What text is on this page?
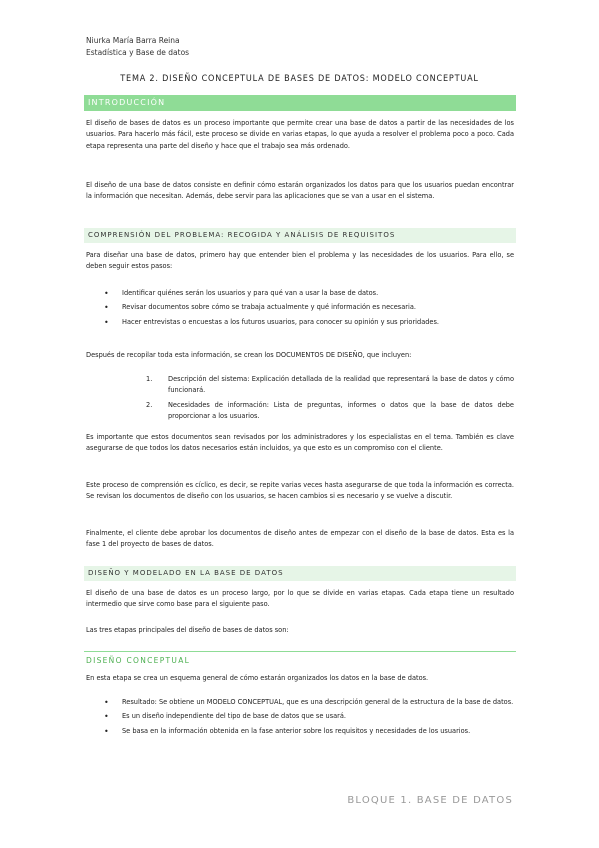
Niurka María Barra Reina
Estadística y Base de datos
TEMA 2. DISEÑO CONCEPTULA DE BASES DE DATOS: MODELO CONCEPTUAL
INTRODUCCIÓN

El diseño de bases de datos es un proceso importante que permite crear una base de datos a partir de las necesidades de los usuarios. Para hacerlo más fácil, este proceso se divide en varias etapas, lo que ayuda a resolver el problema poco a poco. Cada etapa representa una parte del diseño y hace que el trabajo sea más ordenado.

El diseño de una base de datos consiste en definir cómo estarán organizados los datos para que los usuarios puedan encontrar la información que necesitan. Además, debe servir para las aplicaciones que se van a usar en el sistema.

COMPRENSIÓN DEL PROBLEMA: RECOGIDA Y ANÁLISIS DE REQUISITOS

Para diseñar una base de datos, primero hay que entender bien el problema y las necesidades de los usuarios. Para ello, se deben seguir estos pasos:

• Identificar quiénes serán los usuarios y para qué van a usar la base de datos.
• Revisar documentos sobre cómo se trabaja actualmente y qué información es necesaria.
• Hacer entrevistas o encuestas a los futuros usuarios, para conocer su opinión y sus prioridades.

Después de recopilar toda esta información, se crean los DOCUMENTOS DE DISEÑO, que incluyen:

1. Descripción del sistema: Explicación detallada de la realidad que representará la base de datos y cómo funcionará.
2. Necesidades de información: Lista de preguntas, informes o datos que la base de datos debe proporcionar a los usuarios.

Es importante que estos documentos sean revisados por los administradores y los especialistas en el tema. También es clave asegurarse de que todos los datos necesarios están incluidos, ya que esto es un compromiso con el cliente.

Este proceso de comprensión es cíclico, es decir, se repite varias veces hasta asegurarse de que toda la información es correcta. Se revisan los documentos de diseño con los usuarios, se hacen cambios si es necesario y se vuelve a discutir.

Finalmente, el cliente debe aprobar los documentos de diseño antes de empezar con el diseño de la base de datos. Esta es la fase 1 del proyecto de bases de datos.

DISEÑO Y MODELADO EN LA BASE DE DATOS

El diseño de una base de datos es un proceso largo, por lo que se divide en varias etapas. Cada etapa tiene un resultado intermedio que sirve como base para el siguiente paso.

Las tres etapas principales del diseño de bases de datos son:

DISEÑO CONCEPTUAL

En esta etapa se crea un esquema general de cómo estarán organizados los datos en la base de datos.

• Resultado: Se obtiene un MODELO CONCEPTUAL, que es una descripción general de la estructura de la base de datos.
• Es un diseño independiente del tipo de base de datos que se usará.
• Se basa en la información obtenida en la fase anterior sobre los requisitos y necesidades de los usuarios.
BLOQUE 1. BASE DE DATOS
